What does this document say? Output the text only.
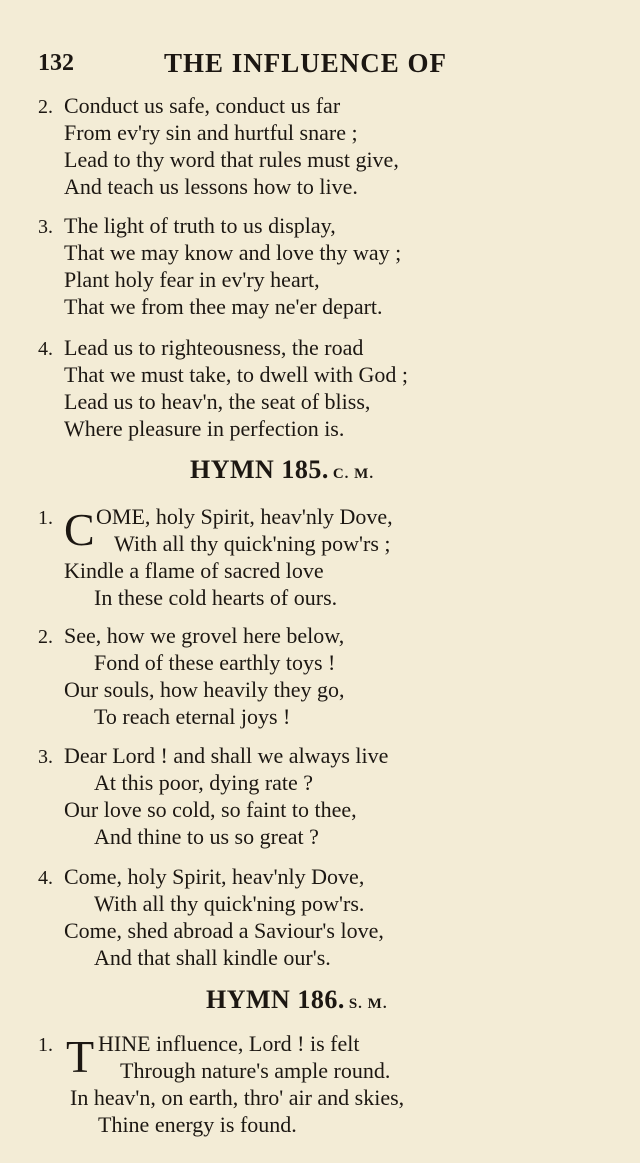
132	THE INFLUENCE OF
2. Conduct us safe, conduct us far
From ev'ry sin and hurtful snare ;
Lead to thy word that rules must give,
And teach us lessons how to live.
3. The light of truth to us display,
That we may know and love thy way ;
Plant holy fear in ev'ry heart,
That we from thee may ne'er depart.
4. Lead us to righteousness, the road
That we must take, to dwell with God ;
Lead us to heav'n, the seat of bliss,
Where pleasure in perfection is.
HYMN 185. C. M.
C
1. OME, holy Spirit, heav'nly Dove,
With all thy quick'ning pow'rs ;
Kindle a flame of sacred love
In these cold hearts of ours.
2. See, how we grovel here below,
Fond of these earthly toys !
Our souls, how heavily they go,
To reach eternal joys !
3. Dear Lord ! and shall we always live
At this poor, dying rate ?
Our love so cold, so faint to thee,
And thine to us so great ?
4. Come, holy Spirit, heav'nly Dove,
With all thy quick'ning pow'rs.
Come, shed abroad a Saviour's love,
And that shall kindle our's.
HYMN 186. S. M.
T
1. HINE influence, Lord ! is felt
Through nature's ample round.
In heav'n, on earth, thro' air and skies,
Thine energy is found.
